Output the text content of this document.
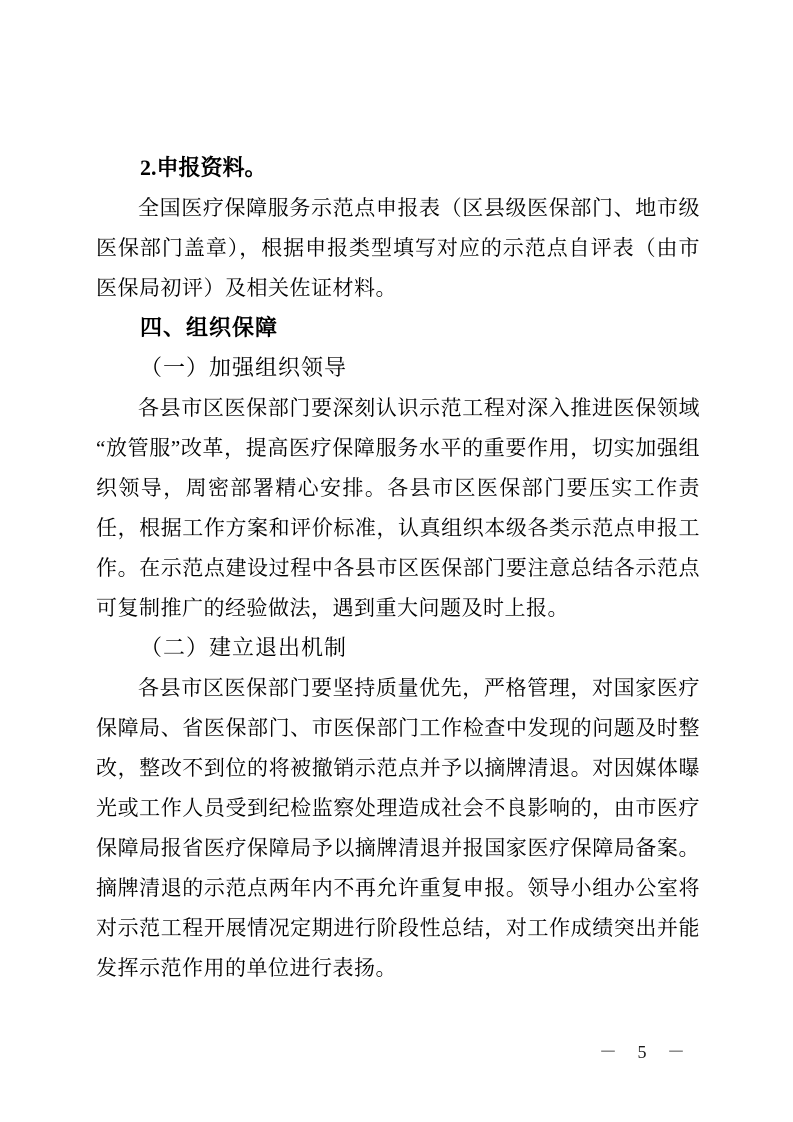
2.申报资料。

全国医疗保障服务示范点申报表（区县级医保部门、地市级医保部门盖章），根据申报类型填写对应的示范点自评表（由市医保局初评）及相关佐证材料。

四、组织保障

（一）加强组织领导

各县市区医保部门要深刻认识示范工程对深入推进医保领域“放管服”改革，提高医疗保障服务水平的重要作用，切实加强组织领导，周密部署精心安排。各县市区医保部门要压实工作责任，根据工作方案和评价标准，认真组织本级各类示范点申报工作。在示范点建设过程中各县市区医保部门要注意总结各示范点可复制推广的经验做法，遇到重大问题及时上报。

（二）建立退出机制

各县市区医保部门要坚持质量优先，严格管理，对国家医疗保障局、省医保部门、市医保部门工作检查中发现的问题及时整改，整改不到位的将被撤销示范点并予以摘牌清退。对因媒体曝光或工作人员受到纪检监察处理造成社会不良影响的，由市医疗保障局报省医疗保障局予以摘牌清退并报国家医疗保障局备案。摘牌清退的示范点两年内不再允许重复申报。领导小组办公室将对示范工程开展情况定期进行阶段性总结，对工作成绩突出并能发挥示范作用的单位进行表扬。

－ 5 －
